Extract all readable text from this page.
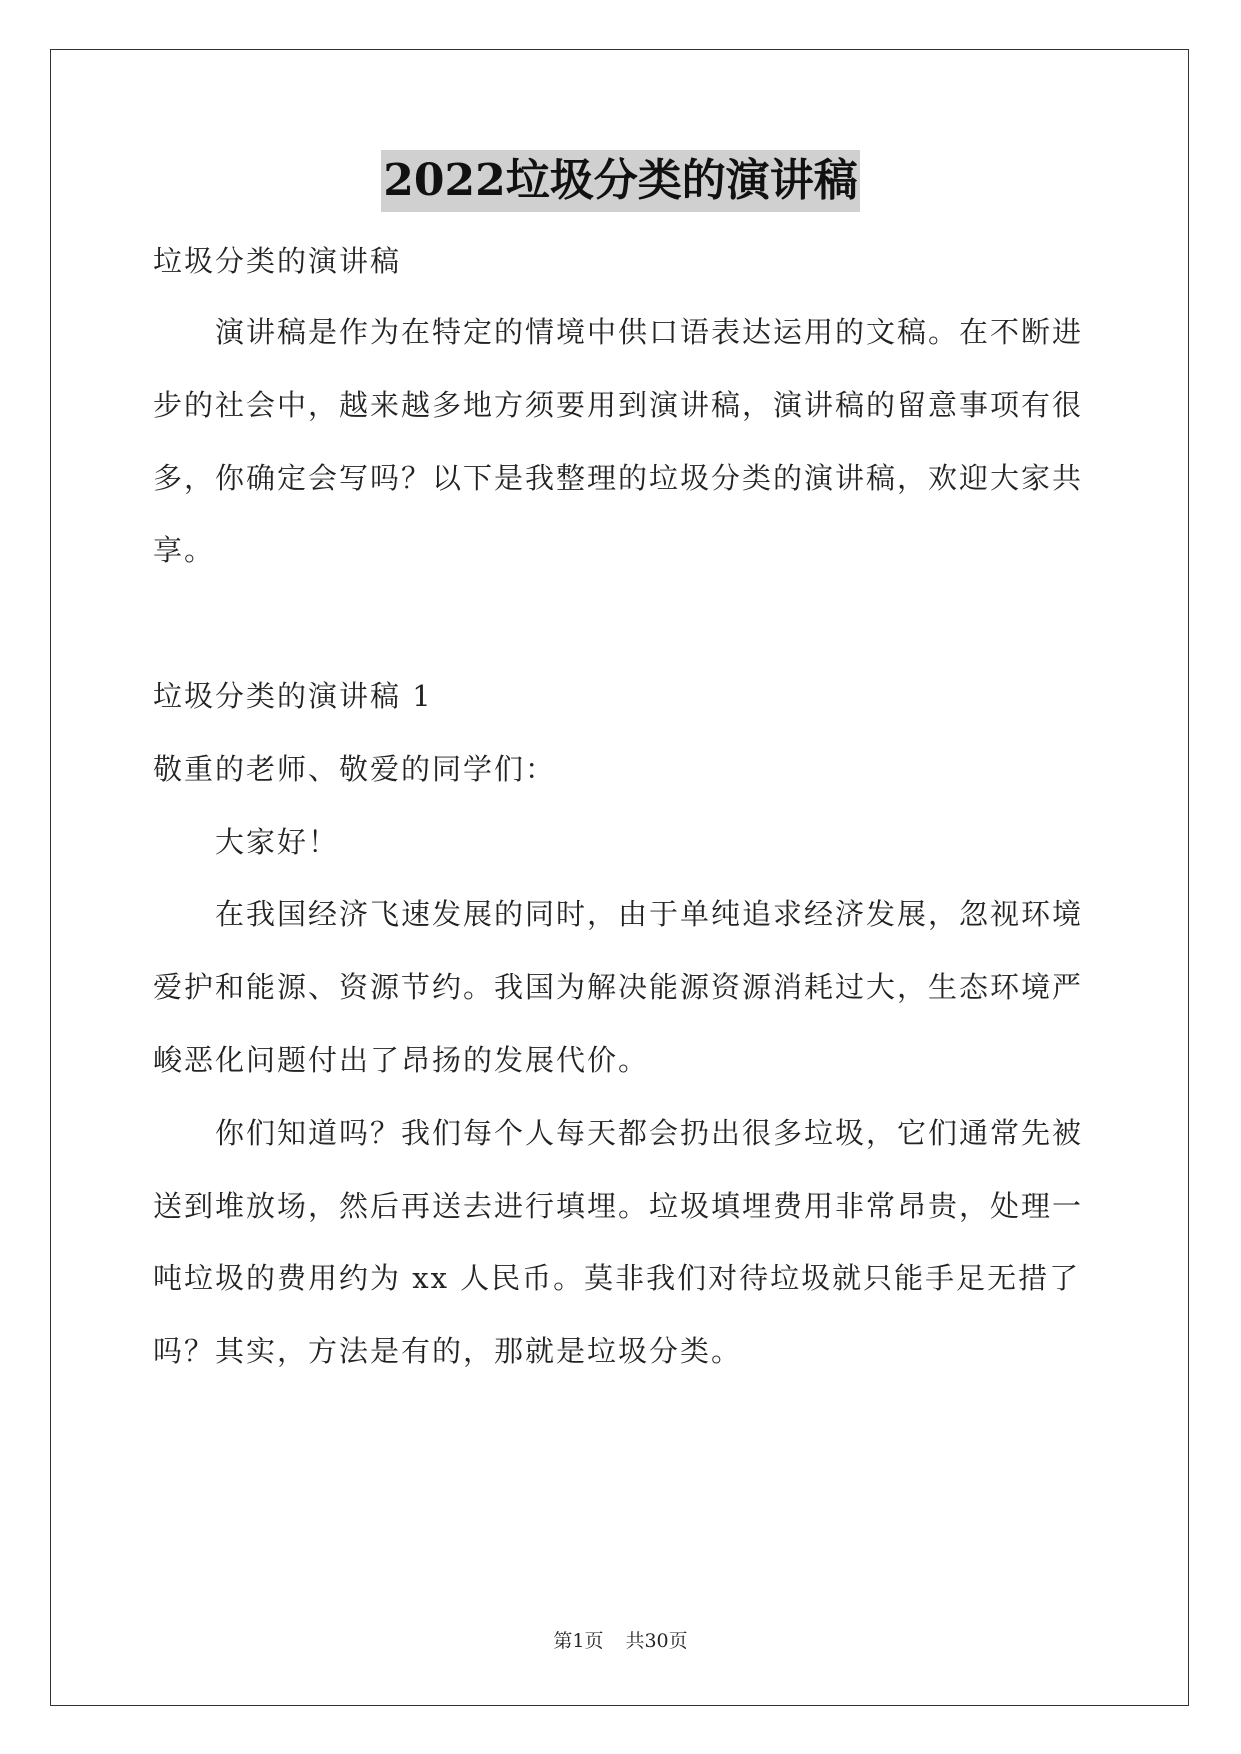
2022垃圾分类的演讲稿
垃圾分类的演讲稿
演讲稿是作为在特定的情境中供口语表达运用的文稿。在不断进
步的社会中，越来越多地方须要用到演讲稿，演讲稿的留意事项有很
多，你确定会写吗？以下是我整理的垃圾分类的演讲稿，欢迎大家共
享。
垃圾分类的演讲稿 1
敬重的老师、敬爱的同学们：
大家好！
在我国经济飞速发展的同时，由于单纯追求经济发展，忽视环境
爱护和能源、资源节约。我国为解决能源资源消耗过大，生态环境严
峻恶化问题付出了昂扬的发展代价。
你们知道吗？我们每个人每天都会扔出很多垃圾，它们通常先被
送到堆放场，然后再送去进行填埋。垃圾填埋费用非常昂贵，处理一
吨垃圾的费用约为 xx 人民币。莫非我们对待垃圾就只能手足无措了
吗？其实，方法是有的，那就是垃圾分类。
第1页 共30页
